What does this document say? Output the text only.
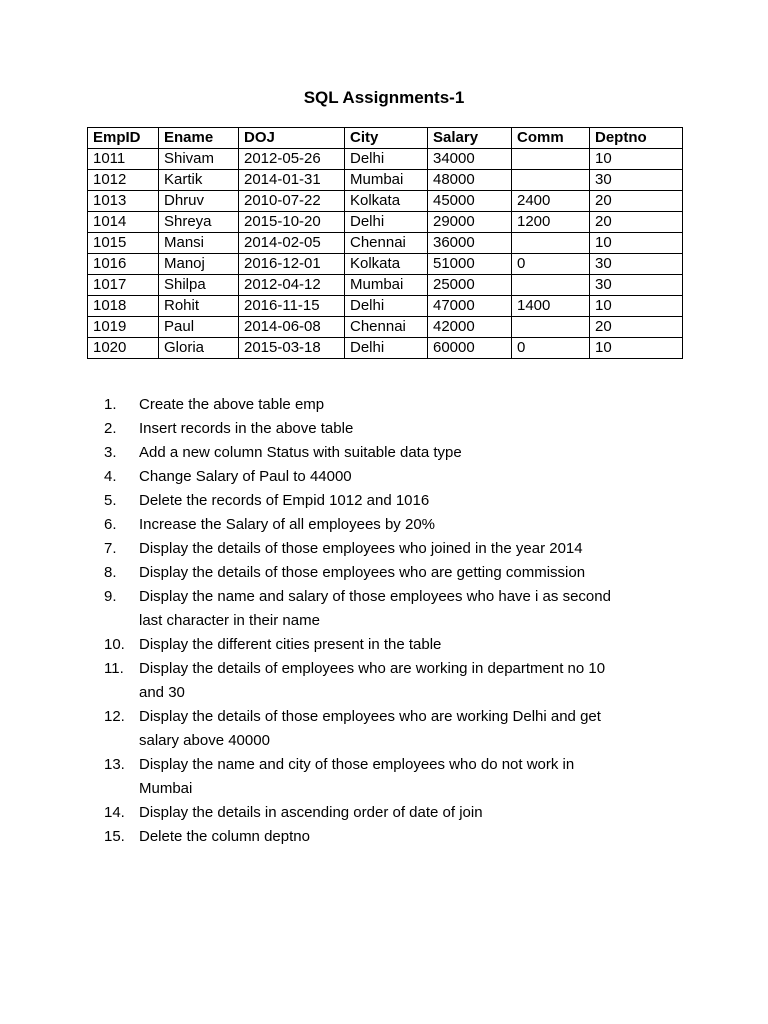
SQL Assignments-1
EmpID	Ename	DOJ	City	Salary	Comm	Deptno
1011	Shivam	2012-05-26	Delhi	34000		10
1012	Kartik	2014-01-31	Mumbai	48000		30
1013	Dhruv	2010-07-22	Kolkata	45000	2400	20
1014	Shreya	2015-10-20	Delhi	29000	1200	20
1015	Mansi	2014-02-05	Chennai	36000		10
1016	Manoj	2016-12-01	Kolkata	51000	0	30
1017	Shilpa	2012-04-12	Mumbai	25000		30
1018	Rohit	2016-11-15	Delhi	47000	1400	10
1019	Paul	2014-06-08	Chennai	42000		20
1020	Gloria	2015-03-18	Delhi	60000	0	10
1.	Create the above table emp
2.	Insert records in the above table
3.	Add a new column Status with suitable data type
4.	Change Salary of Paul to 44000
5.	Delete the records of Empid 1012 and 1016
6.	Increase the Salary of all employees by 20%
7.	Display the details of those employees who joined in the year 2014
8.	Display the details of those employees who are getting commission
9.	Display the name and salary of those employees who have i as second
last character in their name
10. Display the different cities present in the table
11.	Display the details of employees who are working in department no 10
and 30
12. Display the details of those employees who are working Delhi and get
salary above 40000
13. Display the name and city of those employees who do not work in
Mumbai
14. Display the details in ascending order of date of join
15. Delete the column deptno
